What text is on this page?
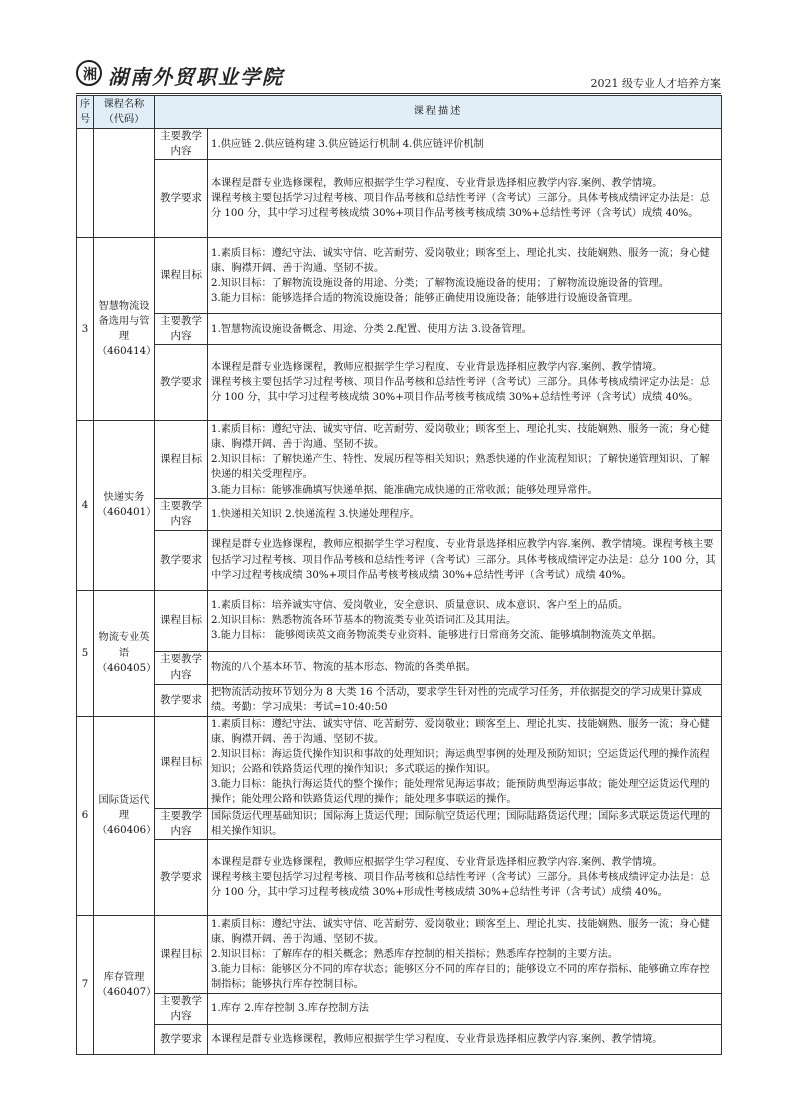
湘 湖南外贸职业学院	2021 级专业人才培养方案
序号	课程名称（代码）	课程描述	
		主要教学内容	1.供应链 2.供应链构建 3.供应链运行机制 4.供应链评价机制
		教学要求	本课程是群专业选修课程，教师应根据学生学习程度、专业背景选择相应教学内容.案例、教学情境。
课程考核主要包括学习过程考核、项目作品考核和总结性考评（含考试）三部分。具体考核成绩评定办法是：总分 100 分，其中学习过程考核成绩 30%+项目作品考核考核成绩 30%+总结性考评（含考试）成绩 40%。

3	智慧物流设备选用与管理
（460414）	课程目标	1.素质目标：遵纪守法、诚实守信、吃苦耐劳、爱岗敬业；顾客至上、理论扎实、技能娴熟、服务一流；身心健康、胸襟开阔、善于沟通、坚韧不拔。
2.知识目标：了解物流设施设备的用途、分类；了解物流设施设备的使用；了解物流设施设备的管理。
3.能力目标：能够选择合适的物流设施设备；能够正确使用设施设备；能够进行设施设备管理。

		主要教学内容	1.智慧物流设施设备概念、用途、分类 2.配置、使用方法 3.设备管理。
		教学要求	本课程是群专业选修课程，教师应根据学生学习程度、专业背景选择相应教学内容.案例、教学情境。
课程考核主要包括学习过程考核、项目作品考核和总结性考评（含考试）三部分。具体考核成绩评定办法是：总分 100 分，其中学习过程考核成绩 30%+项目作品考核考核成绩 30%+总结性考评（含考试）成绩 40%。

4	快递实务
（460401）	课程目标	1.素质目标：遵纪守法、诚实守信、吃苦耐劳、爱岗敬业；顾客至上、理论扎实、技能娴熟、服务一流；身心健康、胸襟开阔、善于沟通、坚韧不拔。
2.知识目标：了解快递产生、特性、发展历程等相关知识；熟悉快递的作业流程知识；了解快递管理知识、了解快递的相关受理程序。
3.能力目标：能够准确填写快递单据、能准确完成快递的正常收派；能够处理异常件。

		主要教学内容	1.快递相关知识 2.快递流程 3.快递处理程序。
		教学要求	课程是群专业选修课程，教师应根据学生学习程度、专业背景选择相应教学内容.案例、教学情境。课程考核主要包括学习过程考核、项目作品考核和总结性考评（含考试）三部分。具体考核成绩评定办法是：总分 100 分，其中学习过程考核成绩 30%+项目作品考核考核成绩 30%+总结性考评（含考试）成绩 40%。

5	物流专业英语
（460405）	课程目标	1.素质目标：培养诚实守信、爱岗敬业，安全意识、质量意识、成本意识、客户至上的品质。
2.知识目标：熟悉物流各环节基本的物流类专业英语词汇及其用法。
3.能力目标： 能够阅读英文商务物流类专业资料、能够进行日常商务交流、能够填制物流英文单据。

		主要教学内容	物流的八个基本环节、物流的基本形态、物流的各类单据。
		教学要求	把物流活动按环节划分为 8 大类 16 个活动，要求学生针对性的完成学习任务，并依据提交的学习成果计算成绩。考勤：学习成果：考试=10:40:50

6	国际货运代理
（460406）	课程目标	1.素质目标：遵纪守法、诚实守信、吃苦耐劳、爱岗敬业；顾客至上、理论扎实、技能娴熟、服务一流；身心健康、胸襟开阔、善于沟通、坚韧不拔。
2.知识目标：海运货代操作知识和事故的处理知识；海运典型事例的处理及预防知识；空运货运代理的操作流程知识；公路和铁路货运代理的操作知识；多式联运的操作知识。
3.能力目标：能执行海运货代的整个操作；能处理常见海运事故；能预防典型海运事故；能处理空运货运代理的操作；能处理公路和铁路货运代理的操作；能处理多事联运的操作。

		主要教学内容	国际货运代理基础知识；国际海上货运代理；国际航空货运代理；国际陆路货运代理；国际多式联运货运代理的相关操作知识。
		教学要求	本课程是群专业选修课程，教师应根据学生学习程度、专业背景选择相应教学内容.案例、教学情境。
课程考核主要包括学习过程考核、项目作品考核和总结性考评（含考试）三部分。具体考核成绩评定办法是：总分 100 分，其中学习过程考核成绩 30%+形成性考核成绩 30%+总结性考评（含考试）成绩 40%。

7	库存管理
（460407）	课程目标	1.素质目标：遵纪守法、诚实守信、吃苦耐劳、爱岗敬业；顾客至上、理论扎实、技能娴熟、服务一流；身心健康、胸襟开阔、善于沟通、坚韧不拔。
2.知识目标：了解库存的相关概念；熟悉库存控制的相关指标；熟悉库存控制的主要方法。
3.能力目标：能够区分不同的库存状态；能够区分不同的库存目的；能够设立不同的库存指标、能够确立库存控制指标；能够执行库存控制目标。

		主要教学内容	1.库存 2.库存控制 3.库存控制方法
		教学要求	本课程是群专业选修课程，教师应根据学生学习程度、专业背景选择相应教学内容.案例、教学情境。
